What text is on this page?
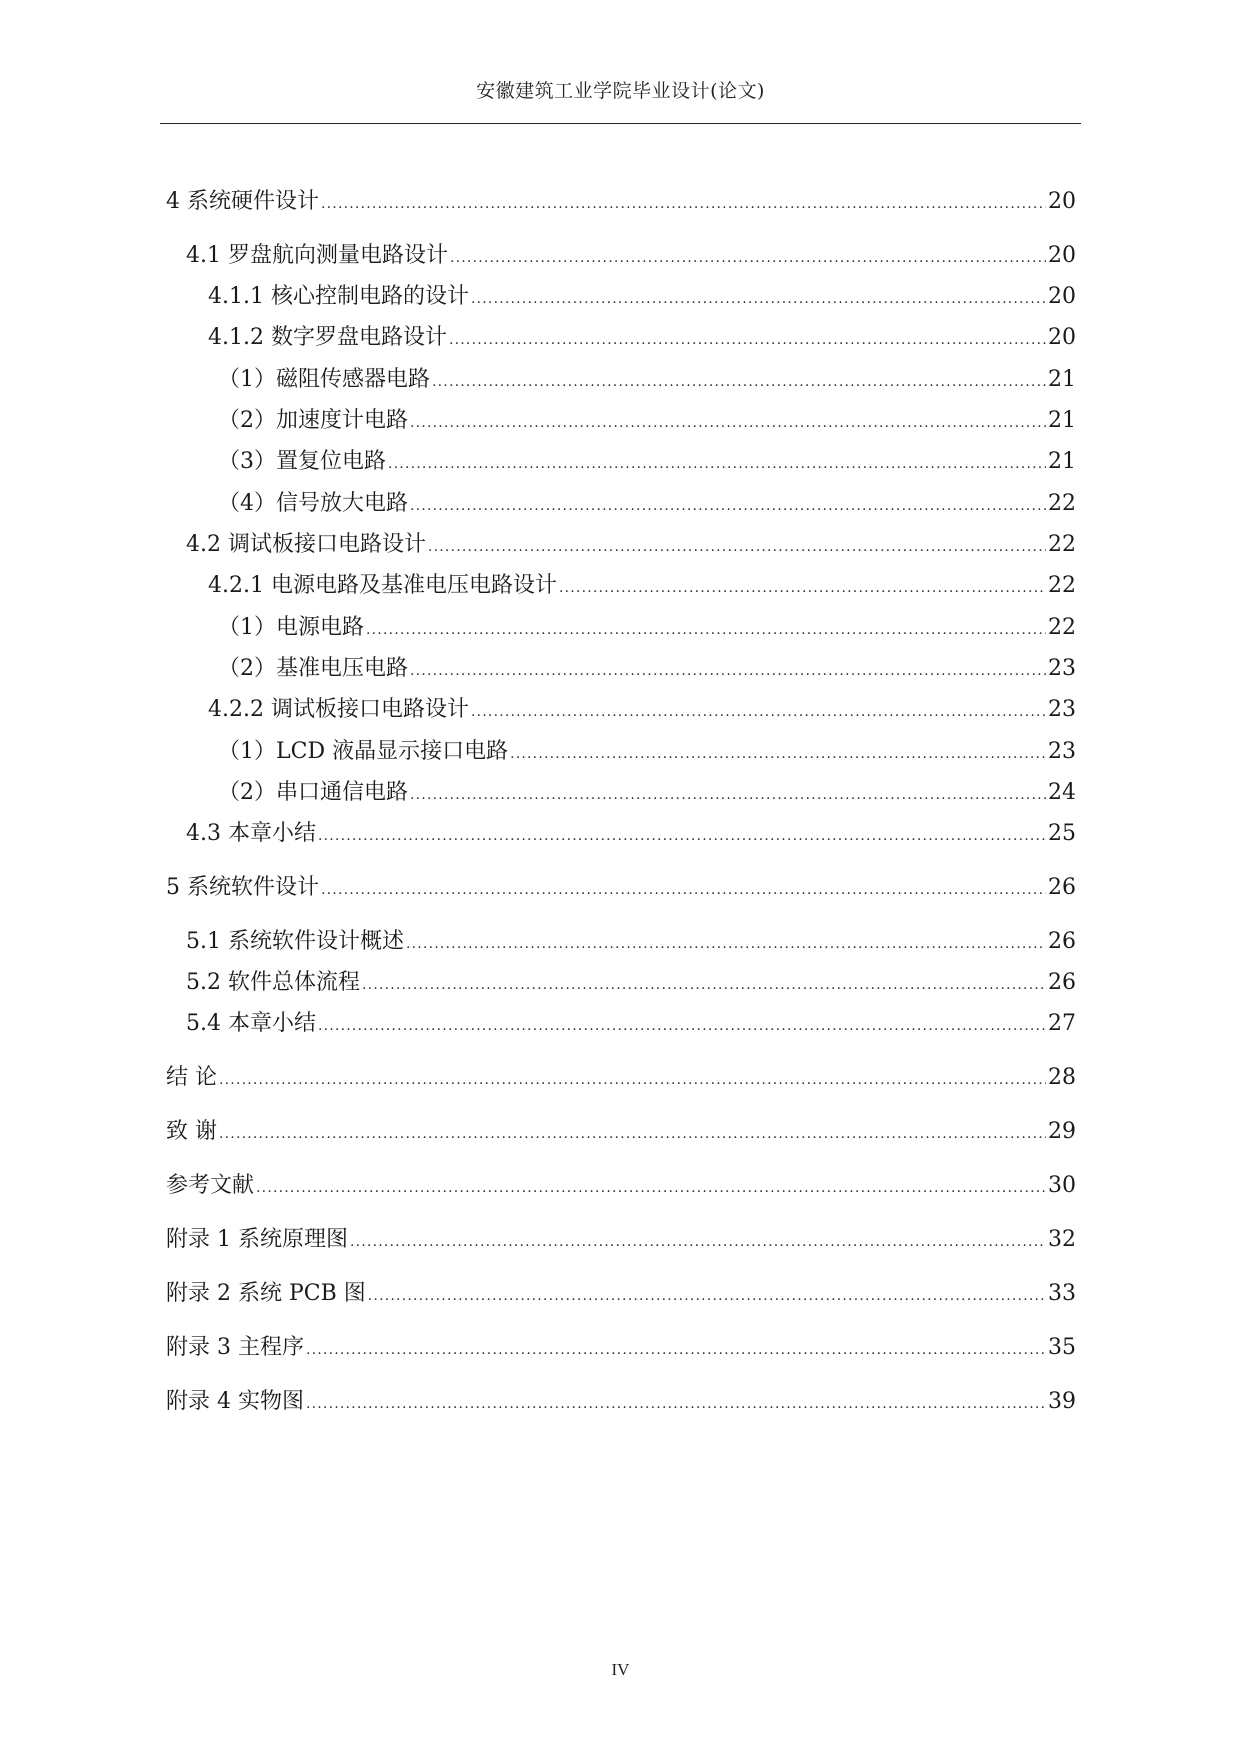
安徽建筑工业学院毕业设计(论文)
4 系统硬件设计 .....	20
4.1 罗盘航向测量电路设计 .....	20
4.1.1 核心控制电路的设计 .....	20
4.1.2 数字罗盘电路设计 .....	20
（1）磁阻传感器电路 .....	21
（2）加速度计电路 .....	21
（3）置复位电路 .....	21
（4）信号放大电路 .....	22
4.2 调试板接口电路设计 .....	22
4.2.1 电源电路及基准电压电路设计 .....	22
（1）电源电路 .....	22
（2）基准电压电路 .....	23
4.2.2 调试板接口电路设计 .....	23
（1）LCD 液晶显示接口电路 .....	23
（2）串口通信电路 .....	24
4.3 本章小结 .....	25
5 系统软件设计 .....	26
5.1 系统软件设计概述 .....	26
5.2 软件总体流程 .....	26
5.4 本章小结 .....	27
结 论 .....	28
致 谢 .....	29
参考文献 .....	30
附录 1 系统原理图 .....	32
附录 2 系统 PCB 图 .....	33
附录 3 主程序 .....	35
附录 4 实物图 .....	39
IV
